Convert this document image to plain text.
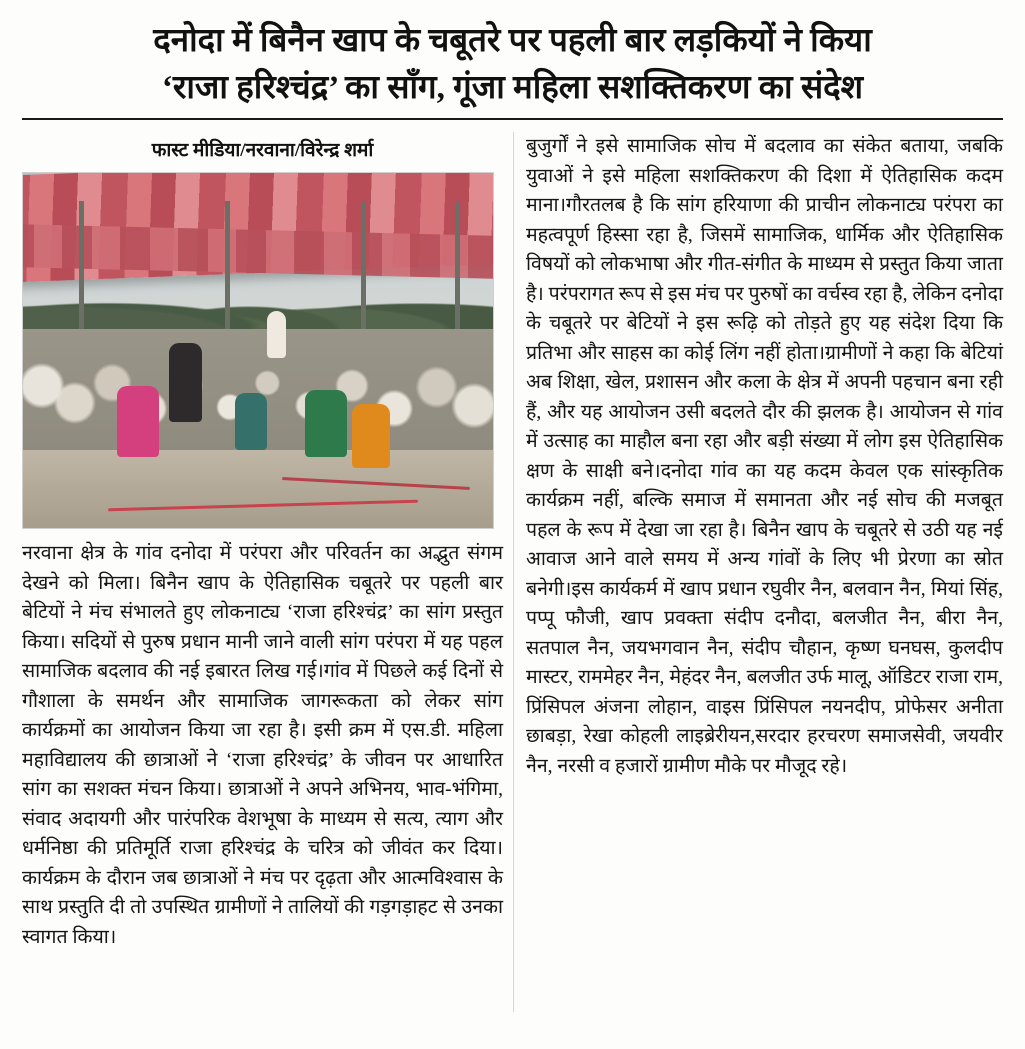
दनोदा में बिनैन खाप के चबूतरे पर पहली बार लड़कियों ने किया
‘राजा हरिश्चंद्र’ का साँग, गूंजा महिला सशक्तिकरण का संदेश
फास्ट मीडिया/नरवाना/विरेन्द्र शर्मा

नरवाना क्षेत्र के गांव दनोदा में परंपरा और परिवर्तन का अद्भुत संगम देखने को मिला। बिनैन खाप के ऐतिहासिक चबूतरे पर पहली बार बेटियों ने मंच संभालते हुए लोकनाट्य ‘राजा हरिश्चंद्र’ का सांग प्रस्तुत किया। सदियों से पुरुष प्रधान मानी जाने वाली सांग परंपरा में यह पहल सामाजिक बदलाव की नई इबारत लिख गई।गांव में पिछले कई दिनों से गौशाला के समर्थन और सामाजिक जागरूकता को लेकर सांग कार्यक्रमों का आयोजन किया जा रहा है। इसी क्रम में एस.डी. महिला महाविद्यालय की छात्राओं ने ‘राजा हरिश्चंद्र’ के जीवन पर आधारित सांग का सशक्त मंचन किया। छात्राओं ने अपने अभिनय, भाव-भंगिमा, संवाद अदायगी और पारंपरिक वेशभूषा के माध्यम से सत्य, त्याग और धर्मनिष्ठा की प्रतिमूर्ति राजा हरिश्चंद्र के चरित्र को जीवंत कर दिया।कार्यक्रम के दौरान जब छात्राओं ने मंच पर दृढ़ता और आत्मविश्वास के साथ प्रस्तुति दी तो उपस्थित ग्रामीणों ने तालियों की गड़गड़ाहट से उनका स्वागत किया।

बुजुर्गों ने इसे सामाजिक सोच में बदलाव का संकेत बताया, जबकि युवाओं ने इसे महिला सशक्तिकरण की दिशा में ऐतिहासिक कदम माना।गौरतलब है कि सांग हरियाणा की प्राचीन लोकनाट्य परंपरा का महत्वपूर्ण हिस्सा रहा है, जिसमें सामाजिक, धार्मिक और ऐतिहासिक विषयों को लोकभाषा और गीत-संगीत के माध्यम से प्रस्तुत किया जाता है। परंपरागत रूप से इस मंच पर पुरुषों का वर्चस्व रहा है, लेकिन दनोदा के चबूतरे पर बेटियों ने इस रूढ़ि को तोड़ते हुए यह संदेश दिया कि प्रतिभा और साहस का कोई लिंग नहीं होता।ग्रामीणों ने कहा कि बेटियां अब शिक्षा, खेल, प्रशासन और कला के क्षेत्र में अपनी पहचान बना रही हैं, और यह आयोजन उसी बदलते दौर की झलक है। आयोजन से गांव में उत्साह का माहौल बना रहा और बड़ी संख्या में लोग इस ऐतिहासिक क्षण के साक्षी बने।दनोदा गांव का यह कदम केवल एक सांस्कृतिक कार्यक्रम नहीं, बल्कि समाज में समानता और नई सोच की मजबूत पहल के रूप में देखा जा रहा है। बिनैन खाप के चबूतरे से उठी यह नई आवाज आने वाले समय में अन्य गांवों के लिए भी प्रेरणा का स्रोत बनेगी।इस कार्यकर्म में खाप प्रधान रघुवीर नैन, बलवान नैन, मियां सिंह, पप्पू फौजी, खाप प्रवक्ता संदीप दनौदा, बलजीत नैन, बीरा नैन, सतपाल नैन, जयभगवान नैन, संदीप चौहान, कृष्ण घनघस, कुलदीप मास्टर, राममेहर नैन, मेहंदर नैन, बलजीत उर्फ मालू, ऑडिटर राजा राम, प्रिंसिपल अंजना लोहान, वाइस प्रिंसिपल नयनदीप, प्रोफेसर अनीता छाबड़ा, रेखा कोहली लाइब्रेरीयन,सरदार हरचरण समाजसेवी, जयवीर नैन, नरसी व हजारों ग्रामीण मौके पर मौजूद रहे।
